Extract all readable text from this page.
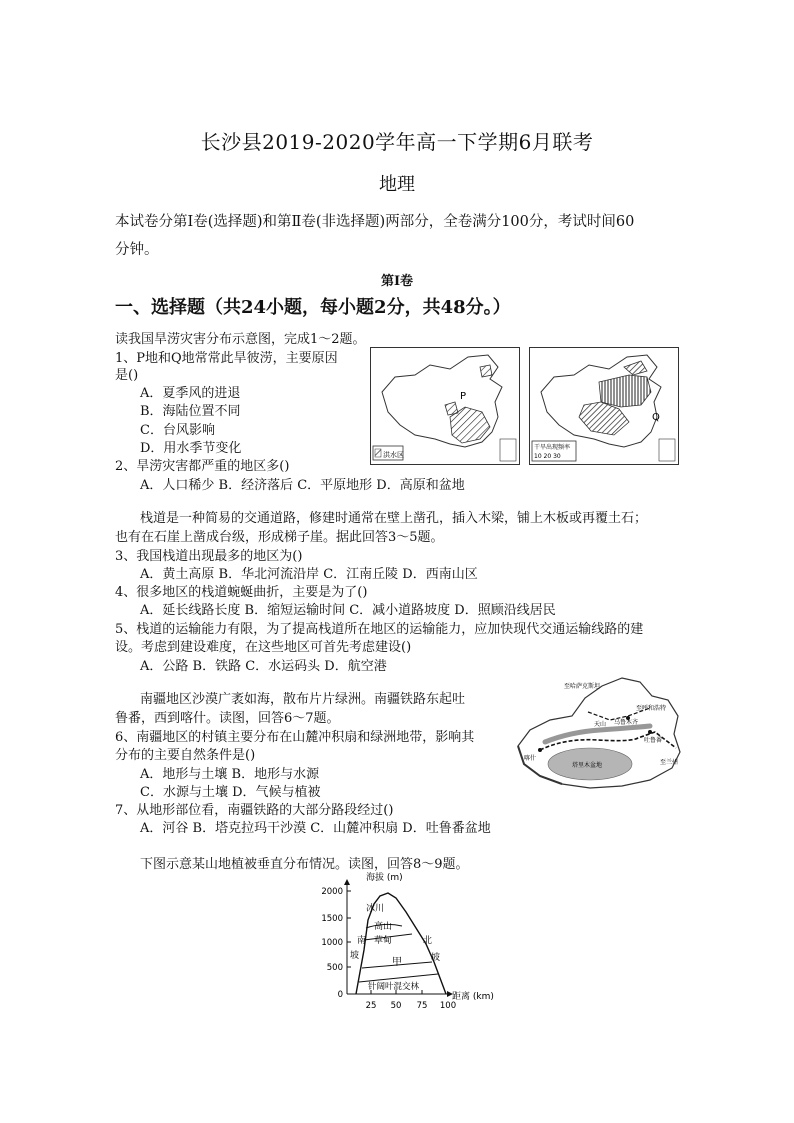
长沙县2019-2020学年高一下学期6月联考
地理
本试卷分第Ⅰ卷(选择题)和第Ⅱ卷(非选择题)两部分，全卷满分100分，考试时间60
分钟。
第Ⅰ卷
一、选择题（共24小题，每小题2分，共48分。）
读我国旱涝灾害分布示意图，完成1～2题。
1、P地和Q地常常此旱彼涝，主要原因
是()
A．夏季风的进退
B．海陆位置不同
C．台风影响
D．用水季节变化
2、旱涝灾害都严重的地区多()
A．人口稀少 B．经济落后 C．平原地形 D．高原和盆地
P
洪水区
Q
干旱出现频率
10 20 30
栈道是一种简易的交通道路，修建时通常在壁上凿孔，插入木梁，铺上木板或再覆土石；
也有在石崖上凿成台级，形成梯子崖。据此回答3～5题。
3、我国栈道出现最多的地区为()
A．黄土高原 B．华北河流沿岸 C．江南丘陵 D．西南山区
4、很多地区的栈道蜿蜒曲折，主要是为了()
A．延长线路长度 B．缩短运输时间 C．减小道路坡度 D．照顾沿线居民
5、栈道的运输能力有限，为了提高栈道所在地区的运输能力，应加快现代交通运输线路的建
设。考虑到建设难度，在这些地区可首先考虑建设()
A．公路 B．铁路 C．水运码头 D．航空港
南疆地区沙漠广袤如海，散布片片绿洲。南疆铁路东起吐
鲁番，西到喀什。读图，回答6～7题。
6、南疆地区的村镇主要分布在山麓冲积扇和绿洲地带，影响其
分布的主要自然条件是()
A．地形与土壤 B．地形与水源
C．水源与土壤 D．气候与植被
7、从地形部位看，南疆铁路的大部分路段经过()
A．河谷 B．塔克拉玛干沙漠 C．山麓冲积扇 D．吐鲁番盆地
至哈萨克斯坦
乌鲁木齐
至呼和浩特
天山
吐鲁番
喀什
塔里木盆地	至兰州
下图示意某山地植被垂直分布情况。读图，回答8～9题。
海拔 (m)
距离 (km)
2000
1500
1000
500
0
25 50 75 100
冰川
高山
草甸
甲
针阔叶混交林
南
坡
北
坡
